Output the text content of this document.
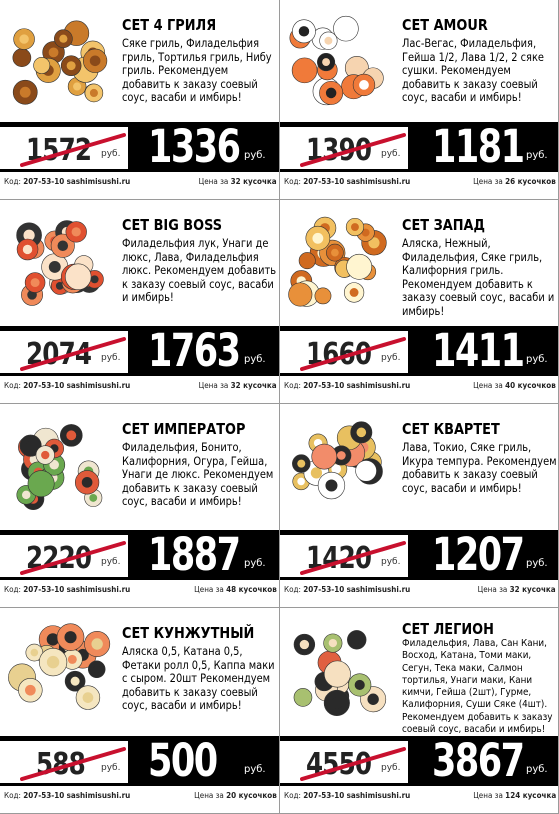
СЕТ 4 ГРИЛЯ
Сяке гриль, Филадельфия гриль, Тортилья гриль, Нибу гриль. Рекомендуем добавить к заказу соевый соус, васаби и имбирь!
1572 руб. 1336 руб.
Код: 207-53-10 sashimisushi.ru	Цена за 32 кусочка
СЕТ AMOUR
Лас-Вегас, Филадельфия, Гейша 1/2, Лава 1/2, 2 сяке сушки. Рекомендуем добавить к заказу соевый соус, васаби и имбирь!
1390 руб. 1181 руб.
Код: 207-53-10 sashimisushi.ru	Цена за 26 кусочков
СЕТ BIG BOSS
Филадельфия лук, Унаги де люкс, Лава, Филадельфия люкс. Рекомендуем добавить к заказу соевый соус, васаби и имбирь!
2074 руб. 1763 руб.
Код: 207-53-10 sashimisushi.ru	Цена за 32 кусочка
СЕТ ЗАПАД
Аляска, Нежный, Филадельфия, Сяке гриль, Калифорния гриль. Рекомендуем добавить к заказу соевый соус, васаби и имбирь!
1660 руб. 1411 руб.
Код: 207-53-10 sashimisushi.ru	Цена за 40 кусочков
СЕТ ИМПЕРАТОР
Филадельфия, Бонито, Калифорния, Огура, Гейша, Унаги де люкс. Рекомендуем добавить к заказу соевый соус, васаби и имбирь!
2220 руб. 1887 руб.
Код: 207-53-10 sashimisushi.ru	Цена за 48 кусочков
СЕТ КВАРТЕТ
Лава, Токио, Сяке гриль, Икура темпура. Рекомендуем добавить к заказу соевый соус, васаби и имбирь!
1420 руб. 1207 руб.
Код: 207-53-10 sashimisushi.ru	Цена за 32 кусочка
СЕТ КУНЖУТНЫЙ
Аляска 0,5, Катана 0,5, Фетаки ролл 0,5, Каппа маки с сыром. 20шт Рекомендуем добавить к заказу соевый соус, васаби и имбирь!
588 руб. 500	руб.
Код: 207-53-10 sashimisushi.ru	Цена за 20 кусочков
СЕТ ЛЕГИОН
Филадельфия, Лава, Сан Кани, Восход, Катана, Томи маки, Сегун, Тека маки, Салмон тортилья, Унаги маки, Кани кимчи, Гейша (2шт), Гурме, Калифорния, Суши Сяке (4шт). Рекомендуем добавить к заказу соевый соус, васаби и имбирь!
4550 руб. 3867 руб.
Код: 207-53-10 sashimisushi.ru	Цена за 124 кусочка
